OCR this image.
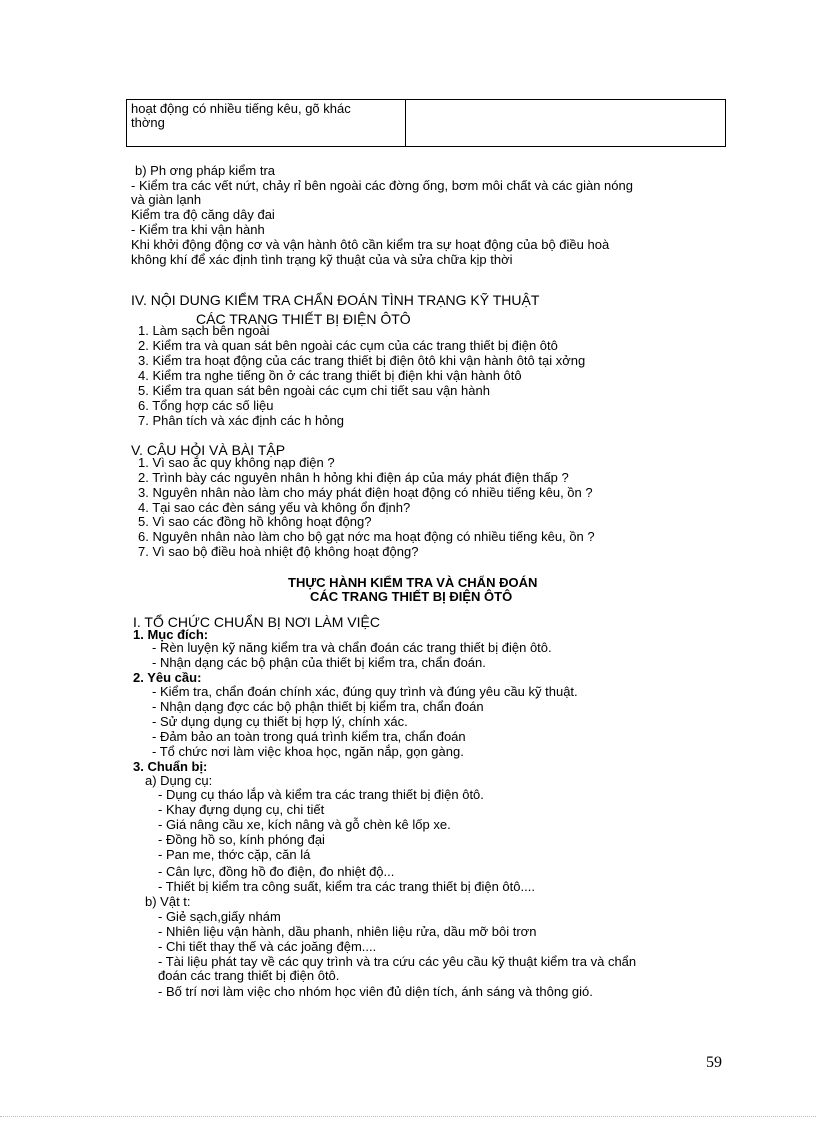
hoạt động có nhiều tiếng kêu, gõ khác
thờng

b) Ph ơng pháp kiểm tra
- Kiểm tra các vết nứt, chảy rỉ bên ngoài các đờng ống, bơm môi chất và các giàn nóng
và giàn lạnh
Kiểm tra độ căng dây đai
- Kiểm tra khi vận hành
Khi khởi động động cơ và vận hành ôtô cần kiểm tra sự hoạt động của bộ điều hoà
không khí để xác định tình trạng kỹ thuật của và sửa chữa kịp thời
IV. NỘI DUNG KIỂM TRA CHẨN ĐOÁN TÌNH TRẠNG KỸ THUẬT
CÁC TRANG THIẾT BỊ ĐIỆN ÔTÔ
1. Làm sạch bên ngoài
2. Kiểm tra và quan sát bên ngoài các cụm của các trang thiết bị điện ôtô
3. Kiểm tra hoạt động của các trang thiết bị điện ôtô khi vận hành ôtô tại xởng
4. Kiểm tra nghe tiếng ồn ở các trang thiết bị điện khi vận hành ôtô
5. Kiểm tra quan sát bên ngoài các cụm chi tiết sau vận hành
6. Tổng hợp các số liệu
7. Phân tích và xác định các h hỏng
V. CÂU HỎI VÀ BÀI TẬP
1. Vì sao ắc quy không nạp điện ?
2. Trình bày các nguyên nhân h hỏng khi điện áp của máy phát điện thấp ?
3. Nguyên nhân nào làm cho máy phát điện hoạt động có nhiều tiếng kêu, ồn ?
4. Tại sao các đèn sáng yếu và không ổn định?
5. Vì sao các đồng hồ không hoạt động?
6. Nguyên nhân nào làm cho bộ gạt nớc ma hoạt động có nhiều tiếng kêu, ồn ?
7. Vì sao bộ điều hoà nhiệt độ không hoạt động?
THỰC HÀNH KIỂM TRA VÀ CHẨN ĐOÁN
CÁC TRANG THIẾT BỊ ĐIỆN ÔTÔ
I. TỔ CHỨC CHUẨN BỊ NƠI LÀM VIỆC
1. Mục đích:
- Rèn luyện kỹ năng kiểm tra và chẩn đoán các trang thiết bị điện ôtô.
- Nhận dạng các bộ phận của thiết bị kiểm tra, chẩn đoán.
2. Yêu cầu:
- Kiểm tra, chẩn đoán chính xác, đúng quy trình và đúng yêu cầu kỹ thuật.
- Nhận dạng đợc các bộ phận thiết bị kiểm tra, chẩn đoán
- Sử dụng dụng cụ thiết bị hợp lý, chính xác.
- Đảm bảo an toàn trong quá trình kiểm tra, chẩn đoán
- Tổ chức nơi làm việc khoa học, ngăn nắp, gọn gàng.
3. Chuẩn bị:
a) Dụng cụ:
- Dụng cụ tháo lắp và kiểm tra các trang thiết bị điện ôtô.
- Khay đựng dụng cụ, chi tiết
- Giá nâng cầu xe, kích nâng và gỗ chèn kê lốp xe.
- Đồng hồ so, kính phóng đại
- Pan me, thớc cặp, căn lá
- Cân lực, đồng hồ đo điện, đo nhiệt độ...
- Thiết bị kiểm tra công suất, kiểm tra các trang thiết bị điện ôtô....
b) Vật t:
- Giẻ sạch,giấy nhám
- Nhiên liệu vận hành, dầu phanh, nhiên liệu rửa, dầu mỡ bôi trơn
- Chi tiết thay thế và các joăng đệm....
- Tài liệu phát tay về các quy trình và tra cứu các yêu cầu kỹ thuật kiểm tra và chẩn
đoán các trang thiết bị điện ôtô.
- Bố trí nơi làm việc cho nhóm học viên đủ diện tích, ánh sáng và thông gió.
59
